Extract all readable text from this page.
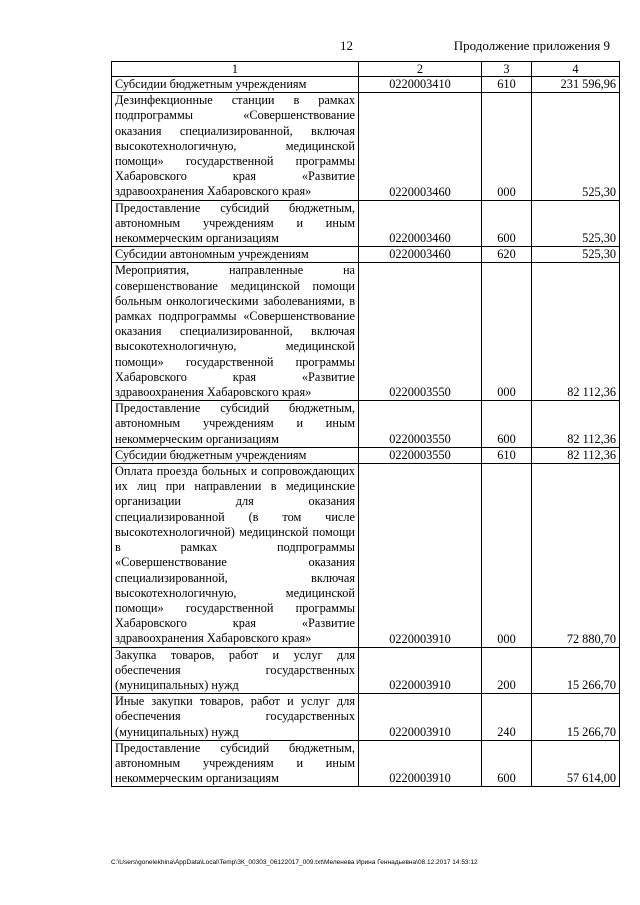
12	Продолжение приложения 9
1	2	3	4
Субсидии бюджетным учреждениям	0220003410	610	231 596,96
Дезинфекционные станции в рамках подпрограммы «Совершенствование оказания специализированной, включая высокотехнологичную, медицинской помощи» государственной программы Хабаровского края «Развитие здравоохранения Хабаровского края»	0220003460	000	525,30
Предоставление субсидий бюджетным, автономным учреждениям и иным некоммерческим организациям	0220003460	600	525,30
Субсидии автономным учреждениям	0220003460	620	525,30
Мероприятия, направленные на совершенствование медицинской помощи больным онкологическими заболеваниями, в рамках подпрограммы «Совершенствование оказания специализированной, включая высокотехнологичную, медицинской помощи» государственной программы Хабаровского края «Развитие здравоохранения Хабаровского края»	0220003550	000	82 112,36
Предоставление субсидий бюджетным, автономным учреждениям и иным некоммерческим организациям	0220003550	600	82 112,36
Субсидии бюджетным учреждениям	0220003550	610	82 112,36
Оплата проезда больных и сопровождающих их лиц при направлении в медицинские организации для оказания специализированной (в том числе высокотехнологичной) медицинской помощи в рамках подпрограммы «Совершенствование оказания специализированной, включая высокотехнологичную, медицинской помощи» государственной программы Хабаровского края «Развитие здравоохранения Хабаровского края»	0220003910	000	72 880,70
Закупка товаров, работ и услуг для обеспечения государственных (муниципальных) нужд	0220003910	200	15 266,70
Иные закупки товаров, работ и услуг для обеспечения государственных (муниципальных) нужд	0220003910	240	15 266,70
Предоставление субсидий бюджетным, автономным учреждениям и иным некоммерческим организациям	0220003910	600	57 614,00
C:\Users\gonelekhina\AppData\Local\Temp\ЗК_00303_06122017_009.txt\Меленева Ирина Геннадьевна\08.12.2017 14:53:12
